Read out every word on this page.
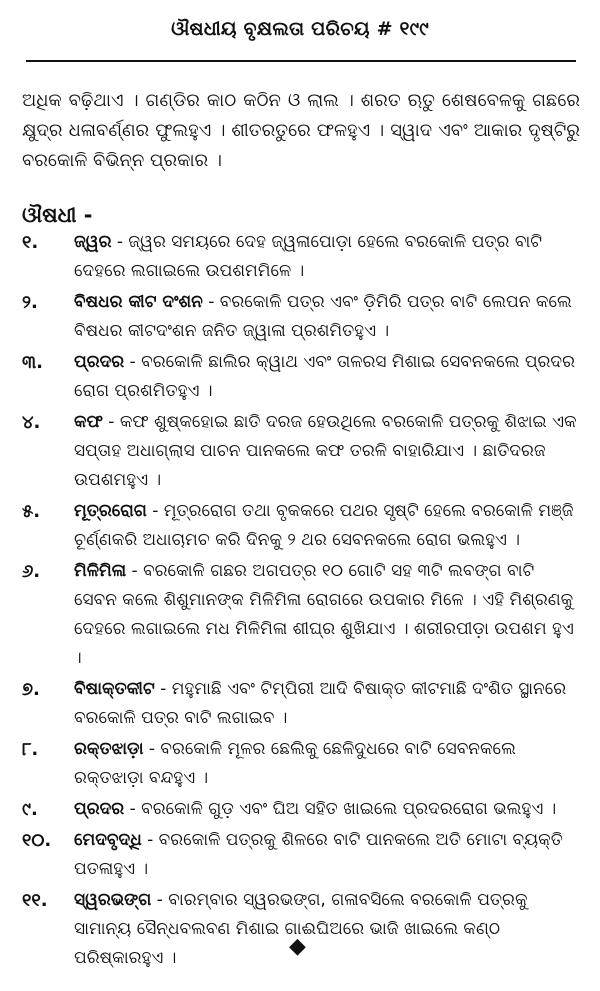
ଔଷଧୀୟ ବୃକ୍ଷଲତା ପରିଚୟ # ୧୯୯
ଅଧିକ ବଢ଼ିଥାଏ । ଗଣ୍ଡିର କାଠ କଠିନ ଓ ଲାଲ । ଶରତ ଋତୁ ଶେଷବେଳକୁ ଗଛରେ କ୍ଷୁଦ୍ର ଧଳାବର୍ଣ୍ଣର ଫୁଲହୁଏ । ଶୀତରତୁରେ ଫଳହୁଏ । ସ୍ୱାଦ ଏବଂ ଆକାର ଦୃଷ୍ଟିରୁ ବରକୋଳି ବିଭିନ୍ନ ପ୍ରକାର ।
ଔଷଧୀ -
୧.	ଜ୍ୱର - ଜ୍ୱର ସମୟରେ ଦେହ ଜ୍ୱଳାପୋଡ଼ା ହେଲେ ବରକୋଳି ପତ୍ର ବାଟି ଦେହରେ ଲଗାଇଲେ ଉପଶମମିଳେ ।
୨.	ବିଷଧର କୀଟ ଦଂଶନ - ବରକୋଳି ପତ୍ର ଏବଂ ଡ଼ିମିରି ପତ୍ର ବାଟି ଲେପନ କଲେ ବିଷଧର କୀଟଦଂଶନ ଜନିତ ଜ୍ୱାଳା ପ୍ରଶମିତହୁଏ ।
୩.	ପ୍ରଦର - ବରକୋଳି ଛାଲିର କ୍ୱାଥ ଏବଂ ତାଳରସ ମିଶାଇ ସେବନକଲେ ପ୍ରଦର ରୋଗ ପ୍ରଶମିତହୁଏ ।
୪.	କଫ - କଫ ଶୁଷ୍କହୋଇ ଛାତି ଦରଜ ହେଉଥିଲେ ବରକୋଳି ପତ୍ରକୁ ଶିଝାଇ ଏକ ସପ୍ତାହ ଅଧାଗ୍ଲାସ ପାଚନ ପାନକଲେ କଫ ତରଳି ବାହାରିଯାଏ । ଛାତିଦରଜ ଉପଶମହୁଏ ।
୫.	ମୂତ୍ରରୋଗ - ମୂତ୍ରରୋଗ ତଥା ବୃକକରେ ପଥର ସୃଷ୍ଟି ହେଲେ ବରକୋଳି ମଞ୍ଜି ଚୂର୍ଣ୍ଣକରି ଅଧାଚାମଚ କରି ଦିନକୁ ୨ ଥର ସେବନକଲେ ରୋଗ ଭଲହୁଏ ।
୬.	ମିଳିମିଳା - ବରକୋଳି ଗଛର ଅଗପତ୍ର ୧୦ ଗୋଟି ସହ ୩ଟି ଲବଙ୍ଗ ବାଟି ସେବନ କଲେ ଶିଶୁମାନଙ୍କ ମିଳିମିଳା ରୋଗରେ ଉପକାର ମିଳେ । ଏହି ମିଶ୍ରଣକୁ ଦେହରେ ଲଗାଇଲେ ମଧ ମିଳିମିଳା ଶୀଘ୍ର ଶୁଖିଯାଏ । ଶରୀରପୀଡ଼ା ଉପଶମ ହୁଏ ।
୭.	ବିଷାକ୍ତକୀଟ - ମହୁମାଛି ଏବଂ ଟିମ୍ପିରୀ ଆଦି ବିଷାକ୍ତ କୀଟମାଛି ଦଂଶିତ ସ୍ଥାନରେ ବରକୋଳି ପତ୍ର ବାଟି ଲଗାଇବ ।
୮.	ରକ୍ତଝାଡ଼ା - ବରକୋଳି ମୂଳର ଛେଲିକୁ ଛେଳିଦୁଧରେ ବାଟି ସେବନକଲେ ରକ୍ତଝାଡ଼ା ବନ୍ଦହୁଏ ।
୯.	ପ୍ରଦର - ବରକୋଳି ଗୁଡ଼ ଏବଂ ଘିଅ ସହିତ ଖାଇଲେ ପ୍ରଦରରୋଗ ଭଲହୁଏ ।
୧୦.	ମେଦବୃଦ୍ଧି - ବରକୋଳି ପତ୍ରକୁ ଶିଳରେ ବାଟି ପାନକଲେ ଅତି ମୋଟା ବ୍ୟକ୍ତି ପତଳାହୁଏ ।
୧୧.	ସ୍ୱରଭଙ୍ଗ - ବାରମ୍ବାର ସ୍ୱରଭଙ୍ଗ, ଗଳାବସିଲେ ବରକୋଳି ପତ୍ରକୁ ସାମାନ୍ୟ ସୈନ୍ଧବଲବଣ ମିଶାଇ ଗାଈଘିଅରେ ଭାଜି ଖାଇଲେ କଣ୍ଠ ପରିଷ୍କାରହୁଏ ।	◆
